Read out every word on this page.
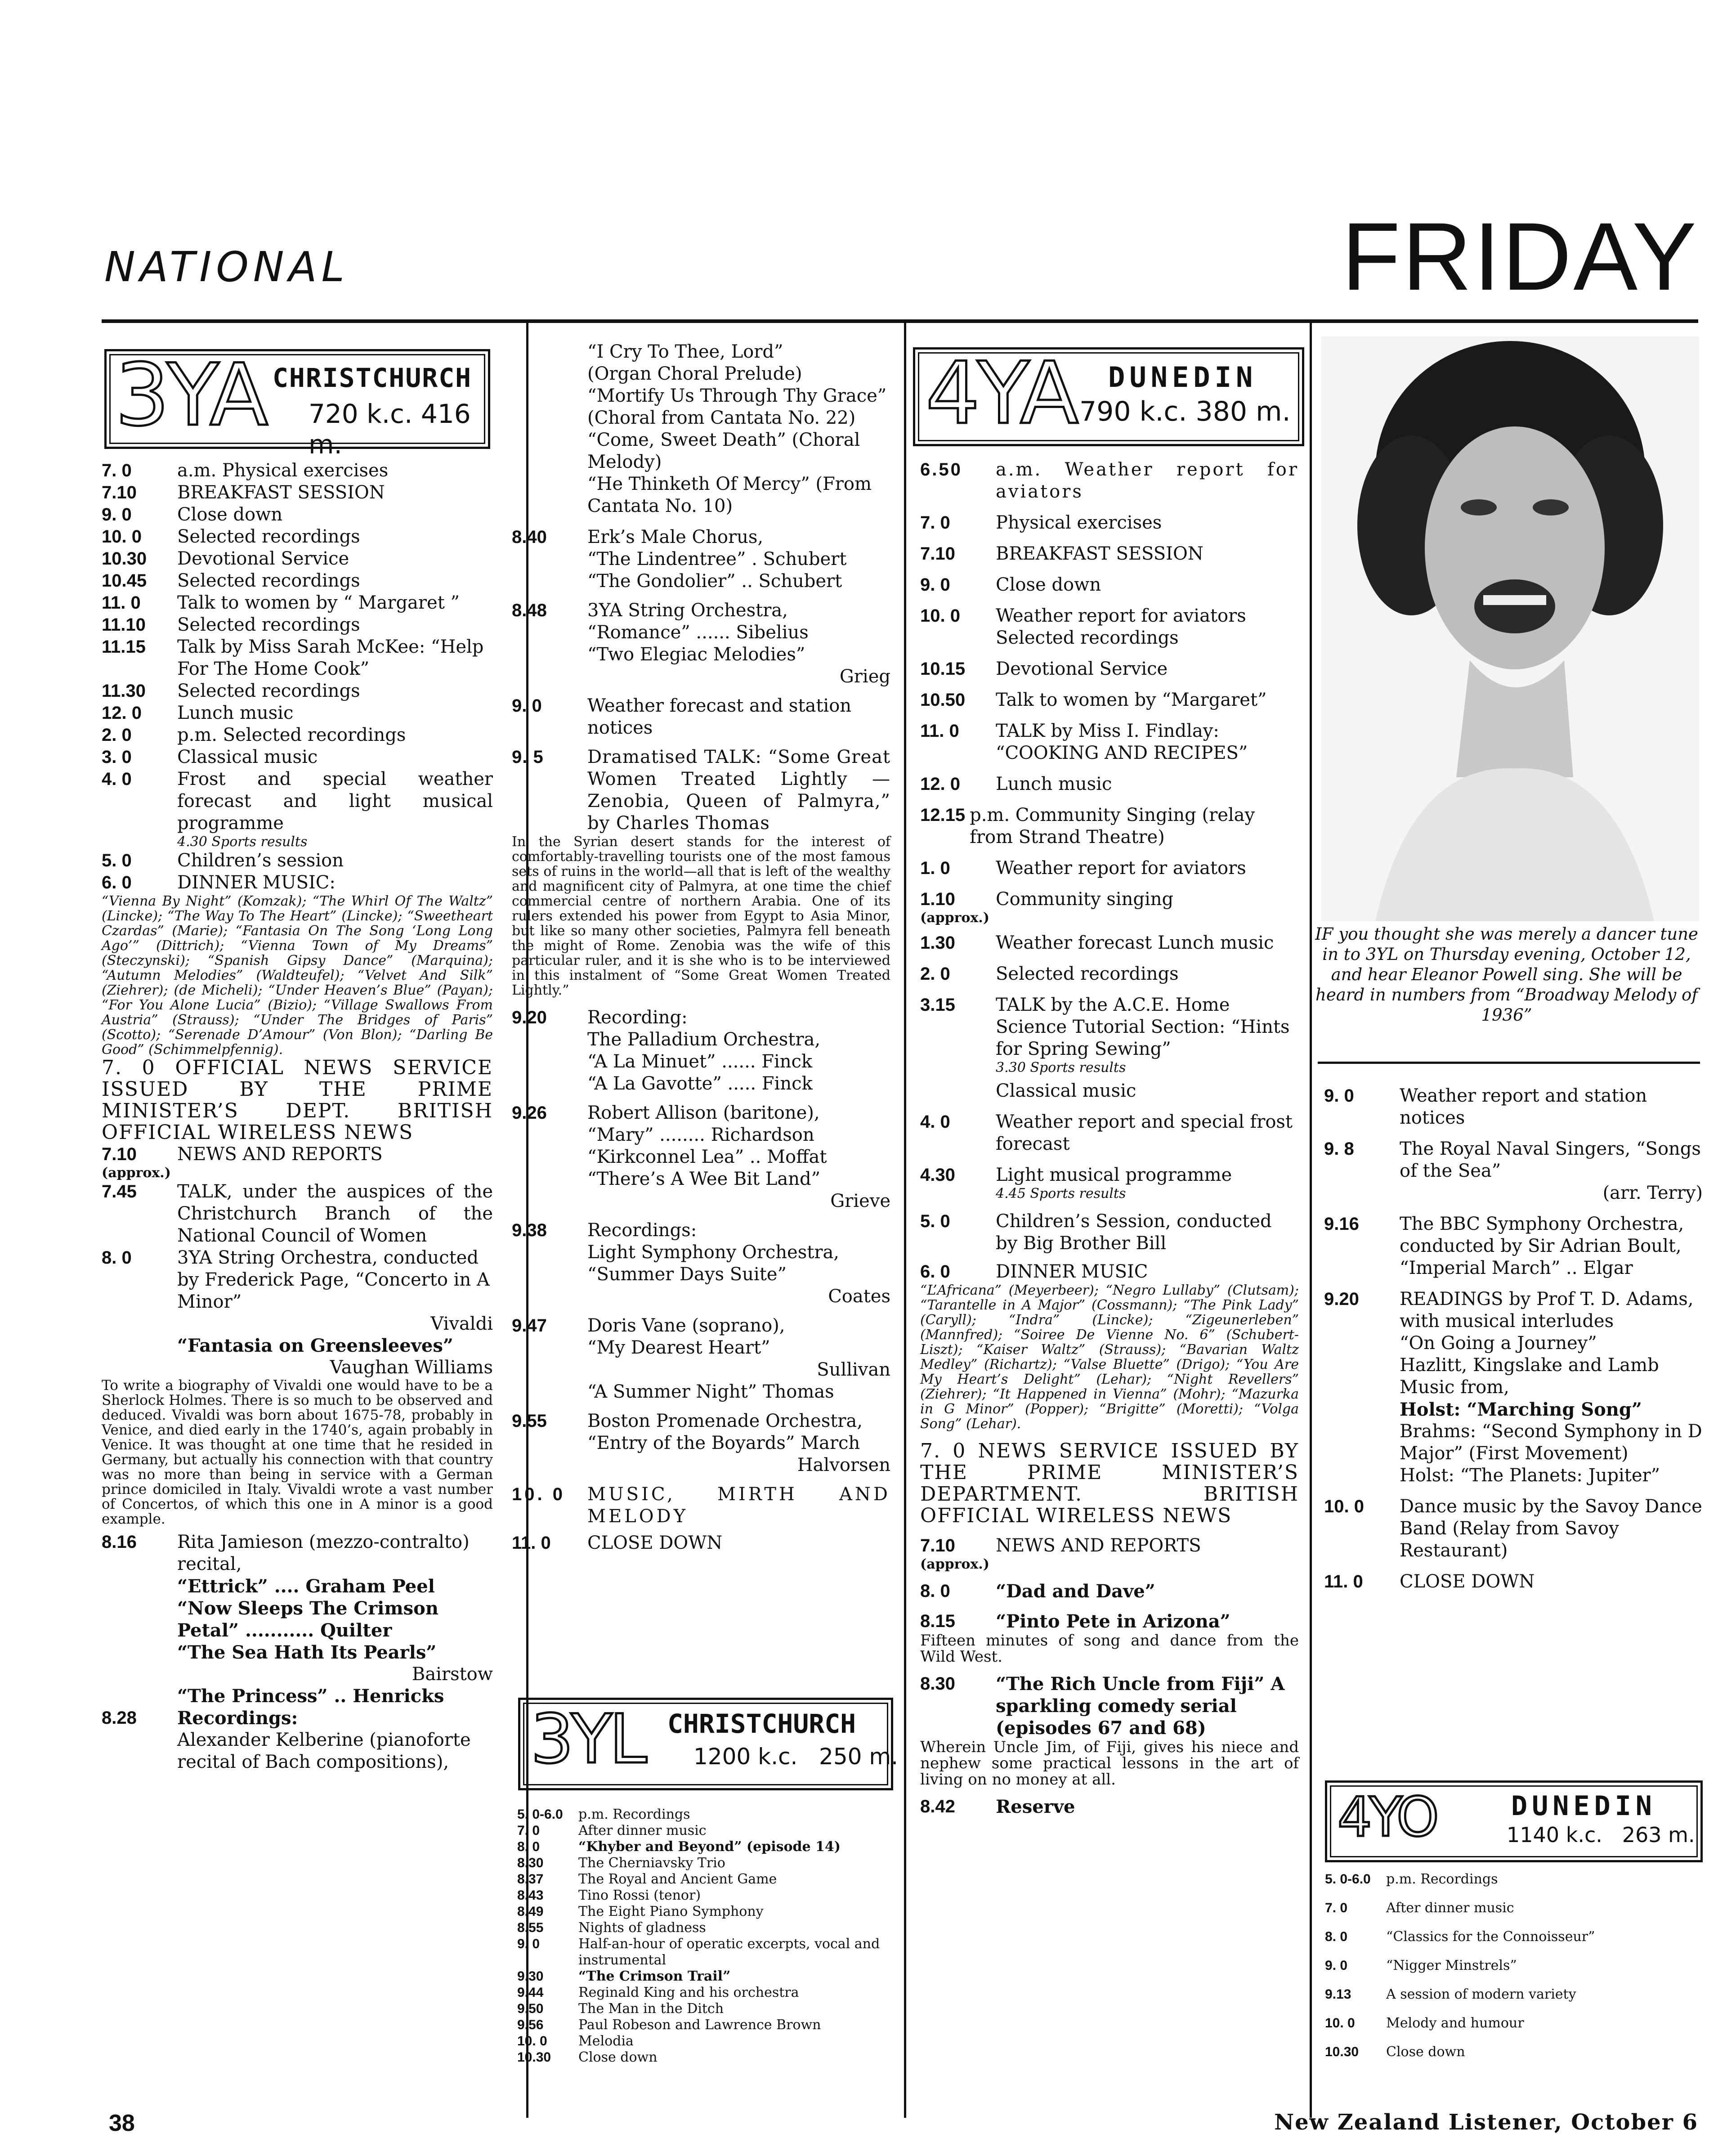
NATIONAL	FRIDAY
3YA CHRISTCHURCH
720 k.c. 416 m.
7. 0	a.m. Physical exercises
7.10	BREAKFAST SESSION
9. 0	Close down
10. 0	Selected recordings
10.30	Devotional Service
10.45	Selected recordings
11. 0	Talk to women by “ Margaret ”
11.10	Selected recordings
11.15	Talk by Miss Sarah McKee: “Help For The Home Cook”
11.30	Selected recordings
12. 0	Lunch music
2. 0	p.m. Selected recordings
3. 0	Classical music
4. 0	Frost and special weather forecast and light musical programme
4.30 Sports results
5. 0	Children’s session
6. 0	DINNER MUSIC:
“Vienna By Night” (Komzak); “The Whirl Of The Waltz” (Lincke); “The Way To The Heart” (Lincke); “Sweetheart Czardas” (Marie); “Fantasia On The Song ‘Long Long Ago’” (Dittrich); “Vienna Town of My Dreams” (Steczynski); “Spanish Gipsy Dance” (Marquina); “Autumn Melodies” (Waldteufel); “Velvet And Silk” (Ziehrer); (de Micheli); “Under Heaven’s Blue” (Payan); “For You Alone Lucia” (Bizio); “Village Swallows From Austria” (Strauss); “Under The Bridges of Paris” (Scotto); “Serenade D’Amour” (Von Blon); “Darling Be Good” (Schimmelpfennig).
7. 0 OFFICIAL NEWS SERVICE ISSUED BY THE PRIME MINISTER’S DEPT. BRITISH OFFICIAL WIRELESS NEWS
7.10	NEWS AND REPORTS
(approx.)
7.45	TALK, under the auspices of the Christchurch Branch of the National Council of Women
8. 0	3YA String Orchestra, conducted by Frederick Page, “Concerto in A Minor”
Vivaldi
“Fantasia on Greensleeves”
Vaughan Williams
To write a biography of Vivaldi one would have to be a Sherlock Holmes. There is so much to be observed and deduced. Vivaldi was born about 1675-78, probably in Venice, and died early in the 1740’s, again probably in Venice. It was thought at one time that he resided in Germany, but actually his connection with that country was no more than being in service with a German prince domiciled in Italy. Vivaldi wrote a vast number of Concertos, of which this one in A minor is a good example.
8.16	Rita Jamieson (mezzo-contralto) recital,
“Ettrick” .... Graham Peel
“Now Sleeps The Crimson Petal” ........... Quilter
“The Sea Hath Its Pearls”
Bairstow
“The Princess” .. Henricks
8.28	Recordings:
Alexander Kelberine (pianoforte recital of Bach compositions),
“I Cry To Thee, Lord”
(Organ Choral Prelude)
“Mortify Us Through Thy Grace” (Choral from Cantata No. 22)
“Come, Sweet Death” (Choral Melody)
“He Thinketh Of Mercy” (From Cantata No. 10)
8.40	Erk’s Male Chorus,
“The Lindentree” . Schubert
“The Gondolier” .. Schubert
8.48	3YA String Orchestra,
“Romance” ...... Sibelius
“Two Elegiac Melodies”
Grieg
9. 0	Weather forecast and station notices
9. 5	Dramatised TALK: “Some Great Women Treated Lightly — Zenobia, Queen of Palmyra,” by Charles Thomas
In the Syrian desert stands for the interest of comfortably-travelling tourists one of the most famous sets of ruins in the world—all that is left of the wealthy and magnificent city of Palmyra, at one time the chief commercial centre of northern Arabia. One of its rulers extended his power from Egypt to Asia Minor, but like so many other societies, Palmyra fell beneath the might of Rome. Zenobia was the wife of this particular ruler, and it is she who is to be interviewed in this instalment of “Some Great Women Treated Lightly.”
9.20	Recording:
The Palladium Orchestra,
“A La Minuet” ...... Finck
“A La Gavotte” ..... Finck
9.26	Robert Allison (baritone),
“Mary” ........ Richardson
“Kirkconnel Lea” .. Moffat
“There’s A Wee Bit Land”
Grieve
9.38	Recordings:
Light Symphony Orchestra,
“Summer Days Suite”
Coates
9.47	Doris Vane (soprano),
“My Dearest Heart”
Sullivan
“A Summer Night” Thomas
9.55	Boston Promenade Orchestra, “Entry of the Boyards” March
Halvorsen
10. 0	MUSIC, MIRTH AND MELODY
11. 0	CLOSE DOWN
3YL CHRISTCHURCH
1200 k.c.   250 m.
5. 0-6.0	p.m. Recordings
7. 0	After dinner music
8. 0	“Khyber and Beyond” (episode 14)
8.30	The Cherniavsky Trio
8.37	The Royal and Ancient Game
8.43	Tino Rossi (tenor)
8.49	The Eight Piano Symphony
8.55	Nights of gladness
9. 0	Half-an-hour of operatic excerpts, vocal and instrumental
9.30	“The Crimson Trail”
9.44	Reginald King and his orchestra
9.50	The Man in the Ditch
9.56	Paul Robeson and Lawrence Brown
10. 0	Melodia
10.30	Close down
4YA DUNEDIN
790 k.c. 380 m.
6.50	a.m. Weather report for aviators
7. 0	Physical exercises
7.10	BREAKFAST SESSION
9. 0	Close down
10. 0	Weather report for aviators Selected recordings
10.15	Devotional Service
10.50	Talk to women by “Margaret”
11. 0	TALK by Miss I. Findlay: “COOKING AND RECIPES”
12. 0	Lunch music
12.15 p.m. Community Singing (relay from Strand Theatre)
1. 0	Weather report for aviators
1.10	Community singing
(approx.)
1.30	Weather forecast Lunch music
2. 0	Selected recordings
3.15	TALK by the A.C.E. Home Science Tutorial Section: “Hints for Spring Sewing”
3.30 Sports results
Classical music
4. 0	Weather report and special frost forecast
4.30	Light musical programme
4.45 Sports results
5. 0	Children’s Session, conducted by Big Brother Bill
6. 0	DINNER MUSIC
“L’Africana” (Meyerbeer); “Negro Lullaby” (Clutsam); “Tarantelle in A Major” (Cossmann); “The Pink Lady” (Caryll); “Indra” (Lincke); “Zigeunerleben” (Mannfred); “Soiree De Vienne No. 6” (Schubert-Liszt); “Kaiser Waltz” (Strauss); “Bavarian Waltz Medley” (Richartz); “Valse Bluette” (Drigo); “You Are My Heart’s Delight” (Lehar); “Night Revellers” (Ziehrer); “It Happened in Vienna” (Mohr); “Mazurka in G Minor” (Popper); “Brigitte” (Moretti); “Volga Song” (Lehar).
7. 0 NEWS SERVICE ISSUED BY THE PRIME MINISTER’S DEPARTMENT. BRITISH OFFICIAL WIRELESS NEWS
7.10	NEWS AND REPORTS
(approx.)
8. 0	“Dad and Dave”
8.15	“Pinto Pete in Arizona”
Fifteen minutes of song and dance from the Wild West.
8.30	“The Rich Uncle from Fiji” A sparkling comedy serial (episodes 67 and 68)
Wherein Uncle Jim, of Fiji, gives his niece and nephew some practical lessons in the art of living on no money at all.
8.42	Reserve
IF you thought she was merely a dancer tune in to 3YL on Thursday evening, October 12, and hear Eleanor Powell sing. She will be heard in numbers from “Broadway Melody of 1936”
9. 0	Weather report and station notices
9. 8	The Royal Naval Singers, “Songs of the Sea”
(arr. Terry)
9.16	The BBC Symphony Orchestra, conducted by Sir Adrian Boult,
“Imperial March” .. Elgar
9.20	READINGS by Prof T. D. Adams, with musical interludes
“On Going a Journey”
Hazlitt, Kingslake and Lamb
Music from,
Holst: “Marching Song”
Brahms: “Second Symphony in D Major” (First Movement)
Holst: “The Planets: Jupiter”
10. 0	Dance music by the Savoy Dance Band (Relay from Savoy Restaurant)
11. 0	CLOSE DOWN
4YO	DUNEDIN
1140 k.c.   263 m.
5. 0-6.0	p.m. Recordings
7. 0	After dinner music
8. 0	“Classics for the Connoisseur”
9. 0	“Nigger Minstrels”
9.13	A session of modern variety
10. 0	Melody and humour
10.30	Close down
38	New Zealand Listener, October 6
